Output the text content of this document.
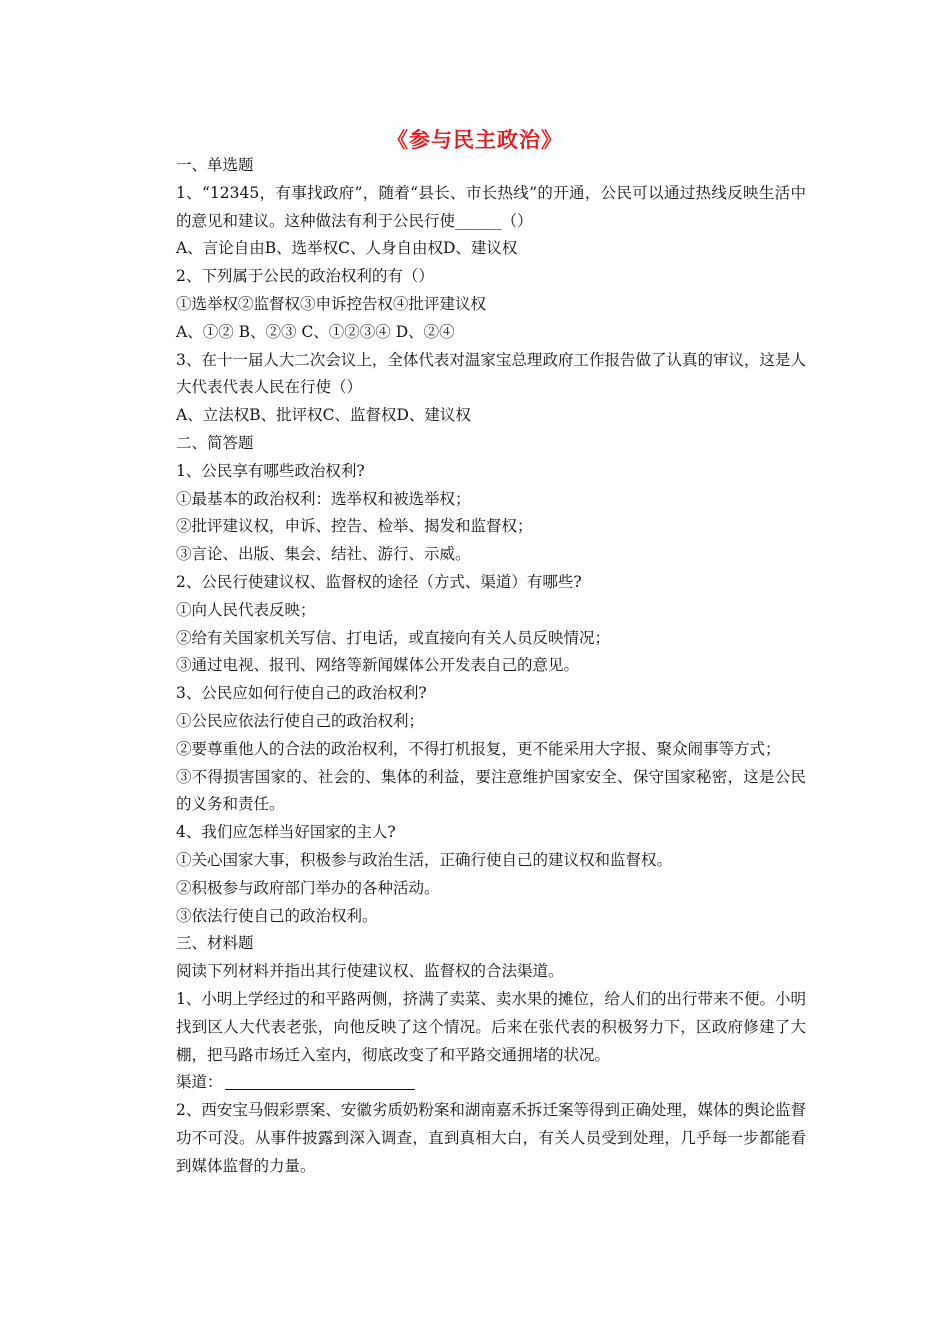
《参与民主政治》

一、单选题

1、“12345，有事找政府”，随着“县长、市长热线”的开通，公民可以通过热线反映生活中的意见和建议。这种做法有利于公民行使______（）

A、言论自由B、选举权C、人身自由权D、建议权

2、下列属于公民的政治权利的有（）

①选举权②监督权③申诉控告权④批评建议权

A、①② B、②③ C、①②③④ D、②④

3、在十一届人大二次会议上，全体代表对温家宝总理政府工作报告做了认真的审议，这是人大代表代表人民在行使（）

A、立法权B、批评权C、监督权D、建议权

二、简答题

1、公民享有哪些政治权利?

①最基本的政治权利：选举权和被选举权；

②批评建议权，申诉、控告、检举、揭发和监督权；

③言论、出版、集会、结社、游行、示威。

2、公民行使建议权、监督权的途径（方式、渠道）有哪些?

①向人民代表反映；

②给有关国家机关写信、打电话，或直接向有关人员反映情况；

③通过电视、报刊、网络等新闻媒体公开发表自己的意见。

3、公民应如何行使自己的政治权利?

①公民应依法行使自己的政治权利；

②要尊重他人的合法的政治权利，不得打机报复，更不能采用大字报、聚众闹事等方式；

③不得损害国家的、社会的、集体的利益，要注意维护国家安全、保守国家秘密，这是公民的义务和责任。

4、我们应怎样当好国家的主人?

①关心国家大事，积极参与政治生活，正确行使自己的建议权和监督权。

②积极参与政府部门举办的各种活动。

③依法行使自己的政治权利。

三、材料题

阅读下列材料并指出其行使建议权、监督权的合法渠道。

1、小明上学经过的和平路两侧，挤满了卖菜、卖水果的摊位，给人们的出行带来不便。小明找到区人大代表老张，向他反映了这个情况。后来在张代表的积极努力下，区政府修建了大棚，把马路市场迁入室内，彻底改变了和平路交通拥堵的状况。

渠道：

2、西安宝马假彩票案、安徽劣质奶粉案和湖南嘉禾拆迁案等得到正确处理，媒体的舆论监督功不可没。从事件披露到深入调查，直到真相大白，有关人员受到处理，几乎每一步都能看到媒体监督的力量。
